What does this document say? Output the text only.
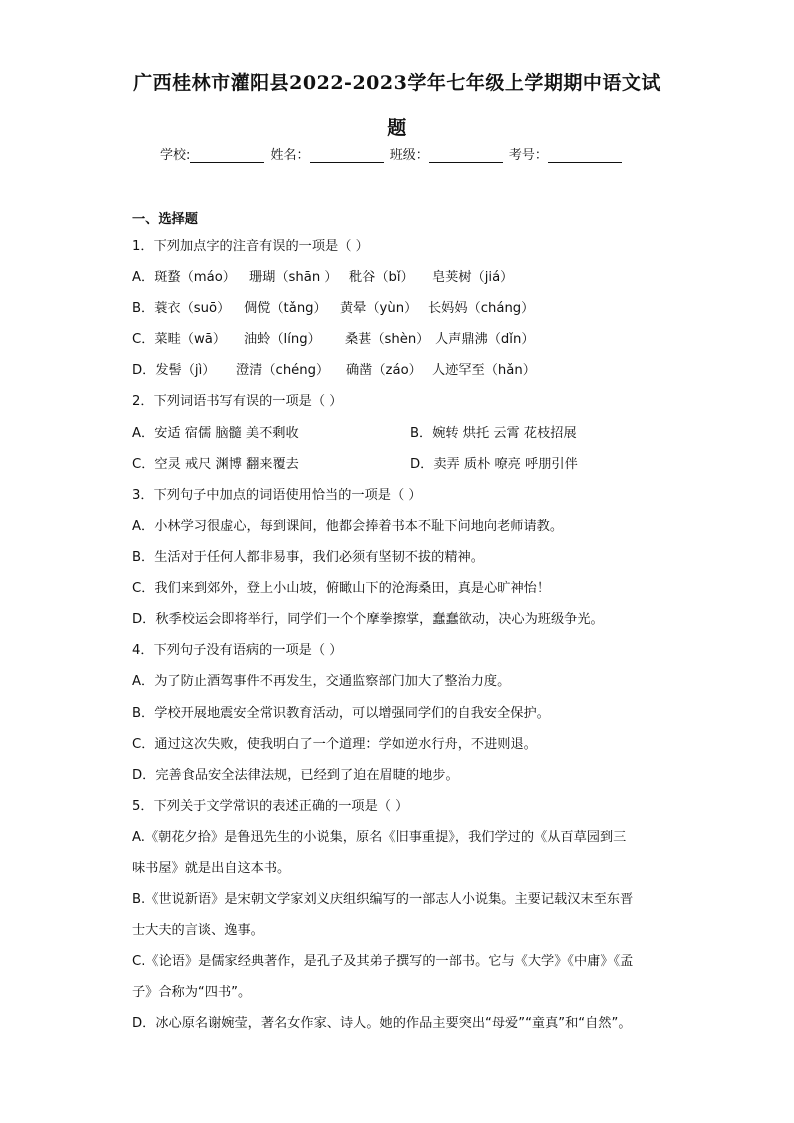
广西桂林市灌阳县2022-2023学年七年级上学期期中语文试
题
学校:	姓名：	班级：	考号：
一、选择题
1．下列加点字的注音有误的一项是（ ）
A．斑蝥（máo） 珊瑚（shān ） 秕谷（bǐ） 皂荚树（jiá）
B．蓑衣（suō） 倜傥（tǎng） 黄晕（yùn） 长妈妈（cháng）
C．菜畦（wā） 油蛉（líng） 桑葚（shèn） 人声鼎沸（dǐn）
D．发髻（jì） 澄清（chéng） 确凿（záo） 人迹罕至（hǎn）
2．下列词语书写有误的一项是（ ）
A．安适 宿儒 脑髓 美不剩收	B．婉转 烘托 云霄 花枝招展
C．空灵 戒尺 渊博 翻来覆去	D．卖弄 质朴 嘹亮 呼朋引伴
3．下列句子中加点的词语使用恰当的一项是（ ）
A．小林学习很虚心，每到课间，他都会捧着书本不耻下问地向老师请教。
B．生活对于任何人都非易事，我们必须有坚韧不拔的精神。
C．我们来到郊外，登上小山坡，俯瞰山下的沧海桑田，真是心旷神怡！
D．秋季校运会即将举行，同学们一个个摩拳擦掌，蠢蠢欲动，决心为班级争光。
4．下列句子没有语病的一项是（ ）
A．为了防止酒驾事件不再发生，交通监察部门加大了整治力度。
B．学校开展地震安全常识教育活动，可以增强同学们的自我安全保护。
C．通过这次失败，使我明白了一个道理：学如逆水行舟，不进则退。
D．完善食品安全法律法规，已经到了迫在眉睫的地步。
5．下列关于文学常识的表述正确的一项是（ ）
A.《朝花夕拾》是鲁迅先生的小说集，原名《旧事重提》，我们学过的《从百草园到三
味书屋》就是出自这本书。
B.《世说新语》是宋朝文学家刘义庆组织编写的一部志人小说集。主要记载汉末至东晋
士大夫的言谈、逸事。
C.《论语》是儒家经典著作，是孔子及其弟子撰写的一部书。它与《大学》《中庸》《孟
子》合称为“四书”。
D．冰心原名谢婉莹，著名女作家、诗人。她的作品主要突出“母爱”“童真”和“自然”。
